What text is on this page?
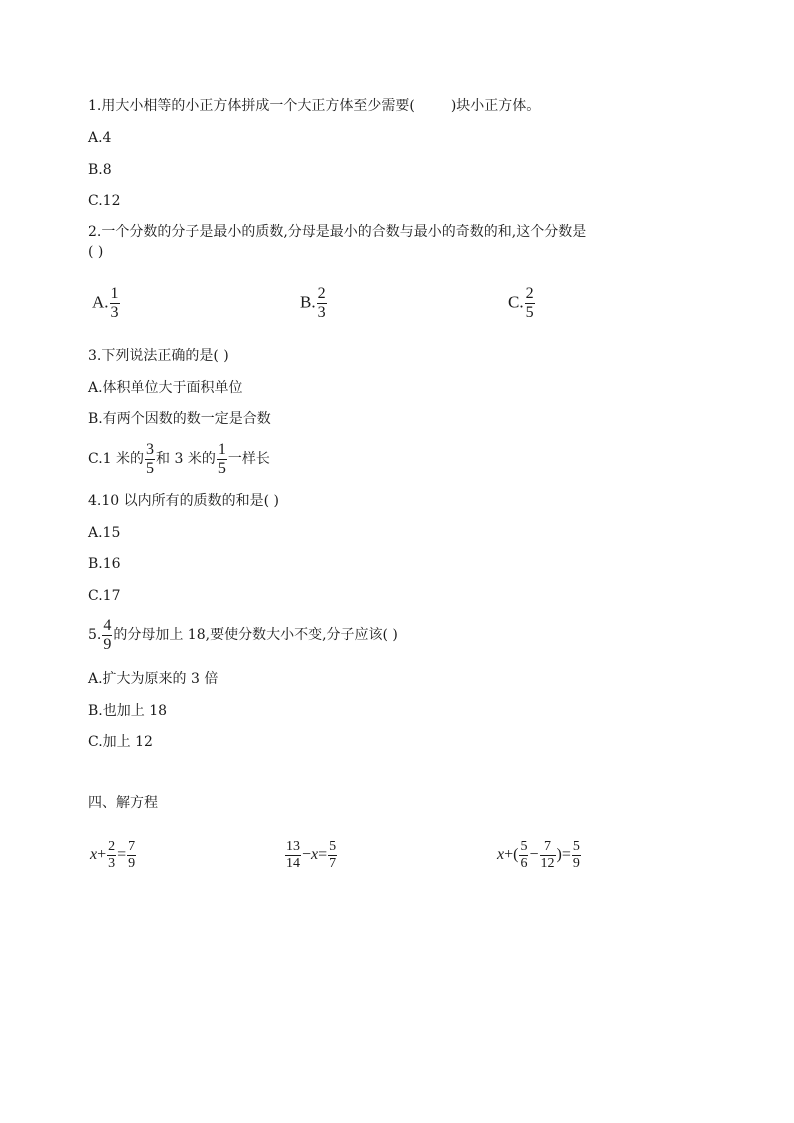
1.用大小相等的小正方体拼成一个大正方体至少需要(	)块小正方体。
A.4
B.8
C.12
2.一个分数的分子是最小的质数,分母是最小的合数与最小的奇数的和,这个分数是
( )
A. $\frac{1}{3}$	B. $\frac{2}{3}$	C. $\frac{2}{5}$
3.下列说法正确的是( )
A.体积单位大于面积单位
B.有两个因数的数一定是合数
C.1 米的 $\frac{3}{5}$ 和 3 米的 $\frac{1}{5}$ 一样长
4.10 以内所有的质数的和是( )
A.15
B.16
C.17
5. $\frac{4}{9}$ 的分母加上 18,要使分数大小不变,分子应该( )
A.扩大为原来的 3 倍
B.也加上 18
C.加上 12
四、解方程
$x+ \frac{2}{3} = \frac{7}{9}$	$\frac{13}{14} -x= \frac{5}{7}$	$x+( \frac{5}{6} - \frac{7}{12}$ )= $\frac{5}{9}$
